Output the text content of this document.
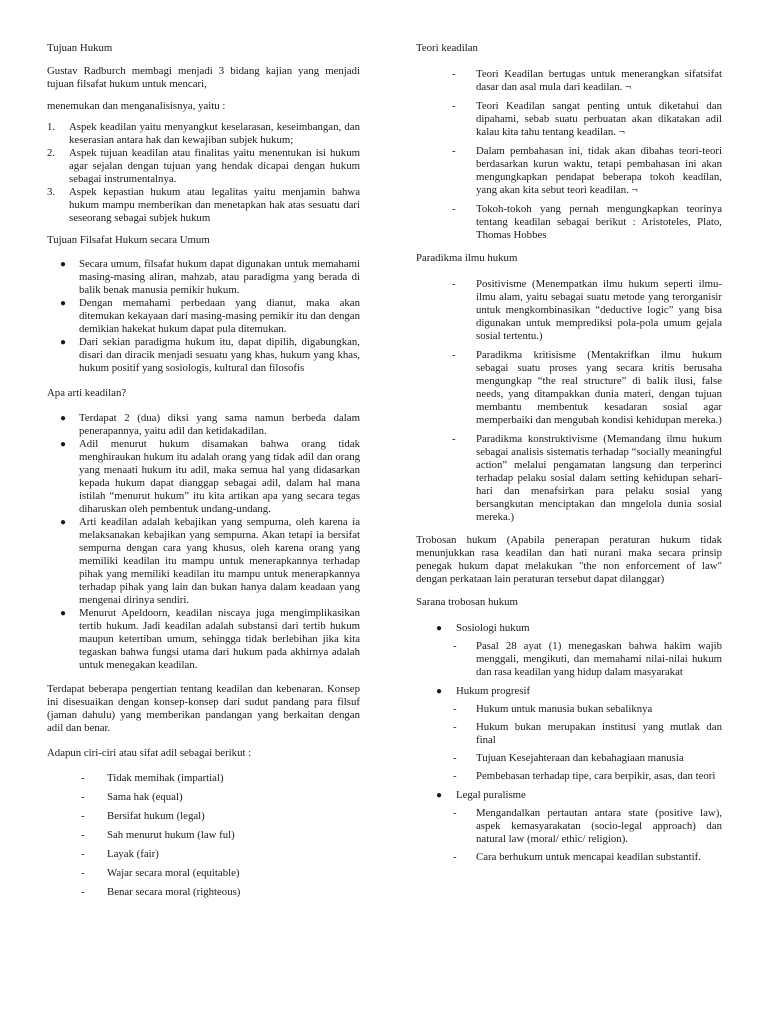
Tujuan Hukum

Gustav Radburch membagi menjadi 3 bidang kajian yang menjadi tujuan filsafat hukum untuk mencari,

menemukan dan menganalisisnya, yaitu :

1. Aspek keadilan yaitu menyangkut keselarasan, keseimbangan, dan keserasian antara hak dan kewajiban subjek hukum;
2. Aspek tujuan keadilan atau finalitas yaitu menentukan isi hukum agar sejalan dengan tujuan yang hendak dicapai dengan hukum sebagai instrumentalnya.
3. Aspek kepastian hukum atau legalitas yaitu menjamin bahwa hukum mampu memberikan dan menetapkan hak atas sesuatu dari seseorang sebagai subjek hukum

Tujuan Filsafat Hukum secara Umum

● Secara umum, filsafat hukum dapat digunakan untuk memahami masing-masing aliran, mahzab, atau paradigma yang berada di balik benak manusia pemikir hukum.
● Dengan memahami perbedaan yang dianut, maka akan ditemukan kekayaan dari masing-masing pemikir itu dan dengan demikian hakekat hukum dapat pula ditemukan.
● Dari sekian paradigma hukum itu, dapat dipilih, digabungkan, disari dan diracik menjadi sesuatu yang khas, hukum yang khas, hukum positif yang sosiologis, kultural dan filosofis

Apa arti keadilan?

● Terdapat 2 (dua) diksi yang sama namun berbeda dalam penerapannya, yaitu adil dan ketidakadilan.
● Adil menurut hukum disamakan bahwa orang tidak menghiraukan hukum itu adalah orang yang tidak adil dan orang yang menaati hukum itu adil, maka semua hal yang didasarkan kepada hukum dapat dianggap sebagai adil, dalam hal mana istilah “menurut hukum” itu kita artikan apa yang secara tegas diharuskan oleh pembentuk undang-undang.
● Arti keadilan adalah kebajikan yang sempurna, oleh karena ia melaksanakan kebajikan yang sempurna. Akan tetapi ia bersifat sempurna dengan cara yang khusus, oleh karena orang yang memiliki keadilan itu mampu untuk menerapkannya terhadap pihak yang memiliki keadilan itu mampu untuk menerapkannya terhadap pihak yang lain dan bukan hanya dalam keadaan yang mengenai dirinya sendiri.
● Menurut Apeldoorn, keadilan niscaya juga mengimplikasikan tertib hukum. Jadi keadilan adalah substansi dari tertib hukum maupun ketertiban umum, sehingga tidak berlebihan jika kita tegaskan bahwa fungsi utama dari hukum pada akhirnya adalah untuk menegakan keadilan.

Terdapat beberapa pengertian tentang keadilan dan kebenaran. Konsep ini disesuaikan dengan konsep-konsep dari sudut pandang para filsuf (jaman dahulu) yang memberikan pandangan yang berkaitan dengan adil dan benar.

Adapun ciri-ciri atau sifat adil sebagai berikut :

- Tidak memihak (impartial)
- Sama hak (equal)
- Bersifat hukum (legal)
- Sah menurut hukum (law ful)
- Layak (fair)
- Wajar secara moral (equitable)
- Benar secara moral (righteous)

Teori keadilan

- Teori Keadilan bertugas untuk menerangkan sifatsifat dasar dan asal mula dari keadilan. ¬
- Teori Keadilan sangat penting untuk diketahui dan dipahami, sebab suatu perbuatan akan dikatakan adil kalau kita tahu tentang keadilan. ¬
- Dalam pembahasan ini, tidak akan dibahas teori-teori berdasarkan kurun waktu, tetapi pembahasan ini akan mengungkapkan pendapat beberapa tokoh keadilan, yang akan kita sebut teori keadilan. ¬
- Tokoh-tokoh yang pernah mengungkapkan teorinya tentang keadilan sebagai berikut : Aristoteles, Plato, Thomas Hobbes

Paradikma ilmu hukum

- Positivisme (Menempatkan ilmu hukum seperti ilmu-ilmu alam, yaitu sebagai suatu metode yang terorganisir untuk mengkombinasikan “deductive logic” yang bisa digunakan untuk memprediksi pola-pola umum gejala sosial tertentu.)
- Paradikma kritisisme (Mentakrifkan ilmu hukum sebagai suatu proses yang secara kritis berusaha mengungkap “the real structure” di balik ilusi, false needs, yang ditampakkan dunia materi, dengan tujuan membantu membentuk kesadaran sosial agar memperbaiki dan mengubah kondisi kehidupan mereka.)
- Paradikma konstruktivisme (Memandang ilmu hukum sebagai analisis sistematis terhadap “socially meaningful action” melalui pengamatan langsung dan terperinci terhadap pelaku sosial dalam setting kehidupan sehari-hari dan menafsirkan para pelaku sosial yang bersangkutan menciptakan dan mngelola dunia sosial mereka.)

Trobosan hukum (Apabila penerapan peraturan hukum tidak menunjukkan rasa keadilan dan hati nurani maka secara prinsip penegak hukum dapat melakukan "the non enforcement of law" dengan perkataan lain peraturan tersebut dapat dilanggar)

Sarana trobosan hukum

● Sosiologi hukum
- Pasal 28 ayat (1) menegaskan bahwa hakim wajib menggali, mengikuti, dan memahami nilai-nilai hukum dan rasa keadilan yang hidup dalam masyarakat
● Hukum progresif
- Hukum untuk manusia bukan sebaliknya
- Hukum bukan merupakan institusi yang mutlak dan final
- Tujuan Kesejahteraan dan kebahagiaan manusia
- Pembebasan terhadap tipe, cara berpikir, asas, dan teori
● Legal puralisme
- Mengandalkan pertautan antara state (positive law), aspek kemasyarakatan (socio-legal approach) dan natural law (moral/ ethic/ religion).
- Cara berhukum untuk mencapai keadilan substantif.
